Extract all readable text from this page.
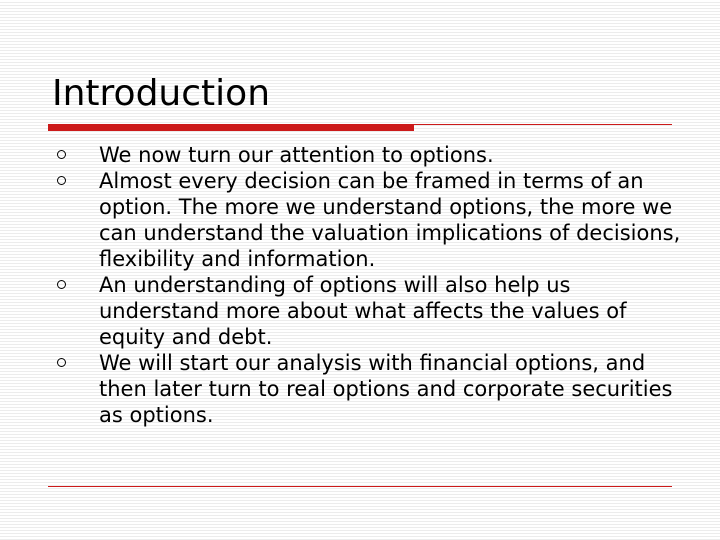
Introduction
We now turn our attention to options.
Almost every decision can be framed in terms of an option. The more we understand options, the more we can understand the valuation implications of decisions, flexibility and information.
An understanding of options will also help us understand more about what affects the values of equity and debt.
We will start our analysis with financial options, and then later turn to real options and corporate securities as options.
